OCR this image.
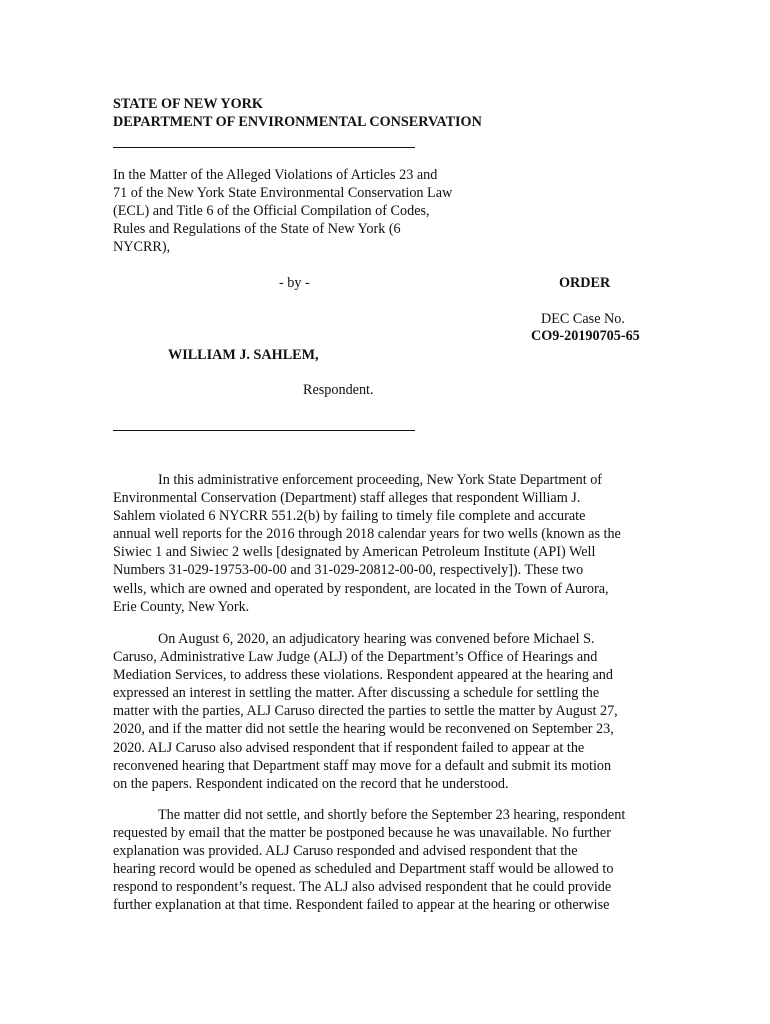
STATE OF NEW YORK
DEPARTMENT OF ENVIRONMENTAL CONSERVATION
In the Matter of the Alleged Violations of Articles 23 and
71 of the New York State Environmental Conservation Law
(ECL) and Title 6 of the Official Compilation of Codes,
Rules and Regulations of the State of New York (6
NYCRR),
- by -	ORDER
DEC Case No.
CO9-20190705-65
WILLIAM J. SAHLEM,
Respondent.
In this administrative enforcement proceeding, New York State Department of
Environmental Conservation (Department) staff alleges that respondent William J.
Sahlem violated 6 NYCRR 551.2(b) by failing to timely file complete and accurate
annual well reports for the 2016 through 2018 calendar years for two wells (known as the
Siwiec 1 and Siwiec 2 wells [designated by American Petroleum Institute (API) Well
Numbers 31-029-19753-00-00 and 31-029-20812-00-00, respectively]). These two
wells, which are owned and operated by respondent, are located in the Town of Aurora,
Erie County, New York.
On August 6, 2020, an adjudicatory hearing was convened before Michael S.
Caruso, Administrative Law Judge (ALJ) of the Department’s Office of Hearings and
Mediation Services, to address these violations. Respondent appeared at the hearing and
expressed an interest in settling the matter. After discussing a schedule for settling the
matter with the parties, ALJ Caruso directed the parties to settle the matter by August 27,
2020, and if the matter did not settle the hearing would be reconvened on September 23,
2020. ALJ Caruso also advised respondent that if respondent failed to appear at the
reconvened hearing that Department staff may move for a default and submit its motion
on the papers. Respondent indicated on the record that he understood.
The matter did not settle, and shortly before the September 23 hearing, respondent
requested by email that the matter be postponed because he was unavailable. No further
explanation was provided. ALJ Caruso responded and advised respondent that the
hearing record would be opened as scheduled and Department staff would be allowed to
respond to respondent’s request. The ALJ also advised respondent that he could provide
further explanation at that time. Respondent failed to appear at the hearing or otherwise
